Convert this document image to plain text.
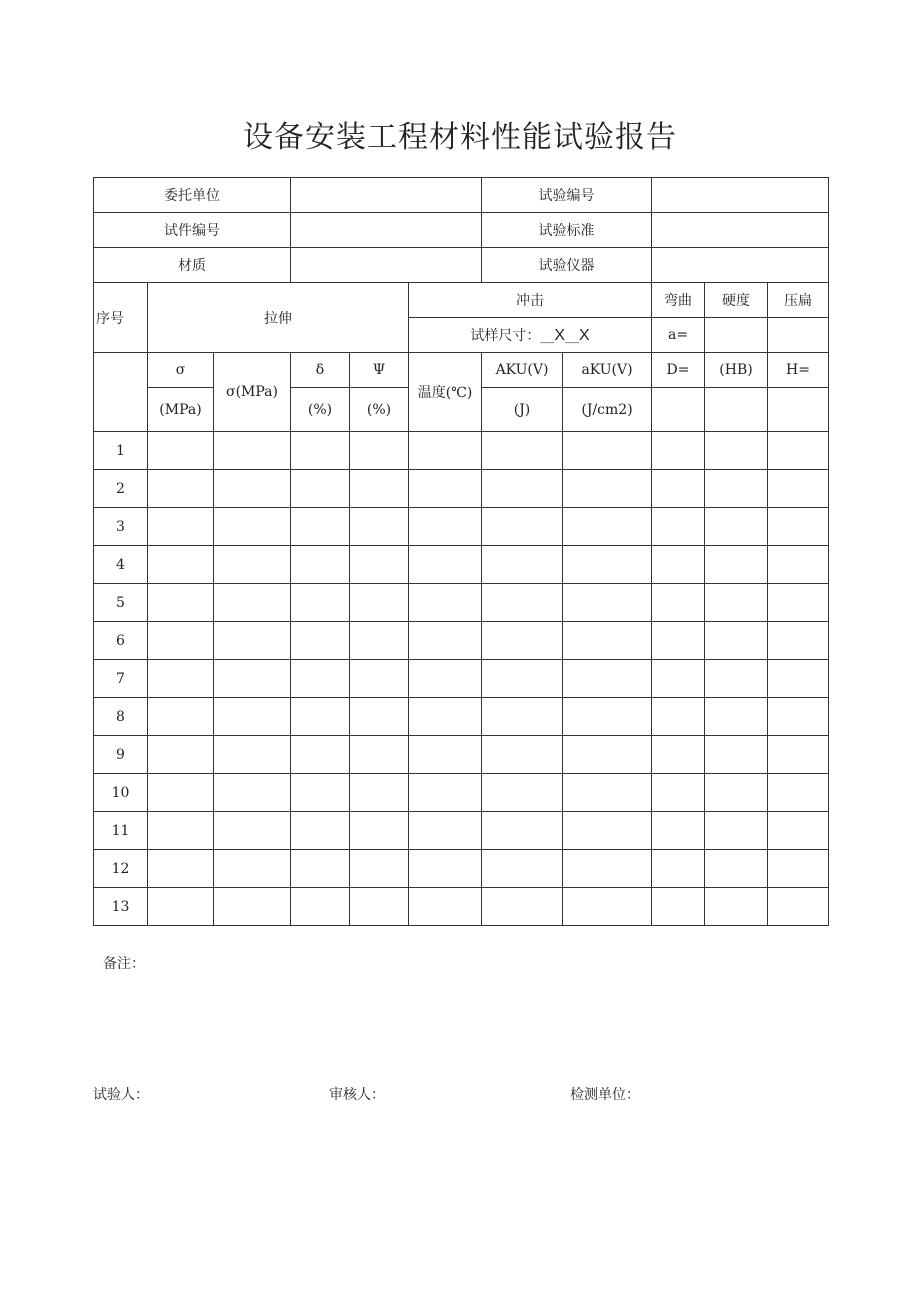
设备安装工程材料性能试验报告
委托单位						试验编号				
试件编号						试验标准				
材质						试验仪器				
序号	拉伸				冲击			弯曲	硬度	压扁
					试样尺寸：__X__X			a=		
	σ	σ(MPa)	δ	Ψ	温度(℃)	AKU(V)	aKU(V)	D=	(HB)	H=
	(MPa)		(%)	(%)		(J)	(J/cm2)			
1										
2										
3										
4										
5										
6										
7										
8										
9										
10										
11										
12										
13										
备注：
试验人：	审核人：	检测单位：
